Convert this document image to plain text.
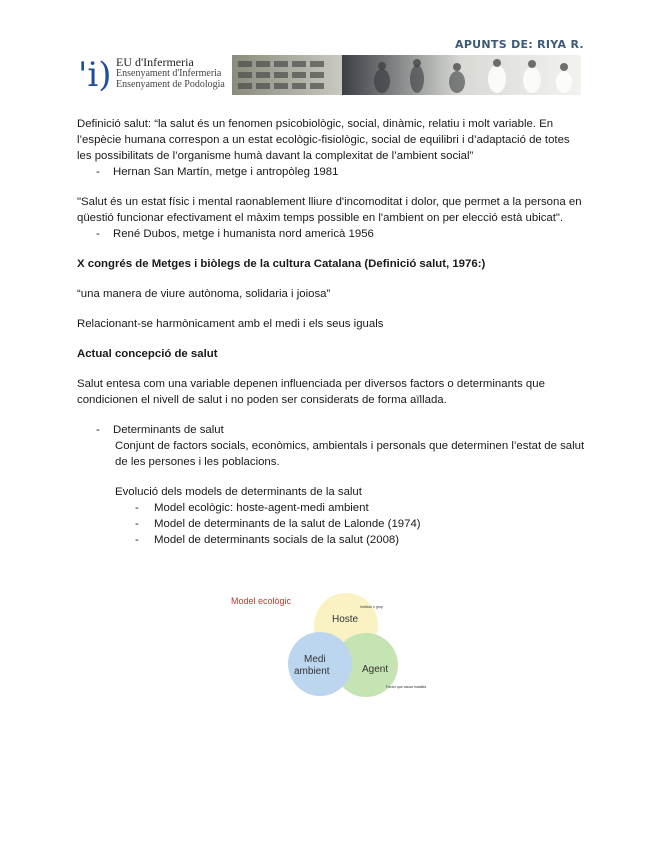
APUNTS DE: RIYA R.
'i) EU d'Infermeria
Ensenyament d'Infermeria
Ensenyament de Podologia

Definició salut: “la salut és un fenomen psicobiològic, social, dinàmic, relatiu i molt variable. En l’espècie humana correspon a un estat ecològic-fisiològic, social de equilibri i d’adaptació de totes les possibilitats de l’organisme humà davant la complexitat de l’ambient social”

- Hernan San Martín, metge i antropòleg 1981

"Salut és un estat físic i mental raonablement lliure d'incomoditat i dolor, que permet a la persona en qüestió funcionar efectivament el màxim temps possible en l'ambient on per elecció està ubicat".

- René Dubos, metge i humanista nord americà 1956

X congrés de Metges i biòlegs de la cultura Catalana (Definició salut, 1976:)

“una manera de viure autònoma, solidaria i joiosa”

Relacionant-se harmònicament amb el medi i els seus iguals

Actual concepció de salut

Salut entesa com una variable depenen influenciada per diversos factors o determinants que condicionen el nivell de salut i no poden ser considerats de forma aïllada.

- Determinants de salut

Conjunt de factors socials, econòmics, ambientals i personals que determinen l’estat de salut de les persones i les poblacions.

Evolució dels models de determinants de la salut

- Model ecològic: hoste-agent-medi ambient
- Model de determinants de la salut de Lalonde (1974)
- Model de determinants socials de la salut (2008)
Model ecològic
Hoste
Individu o grup
Agent
Factor que causa malaltia
Medi
ambient
